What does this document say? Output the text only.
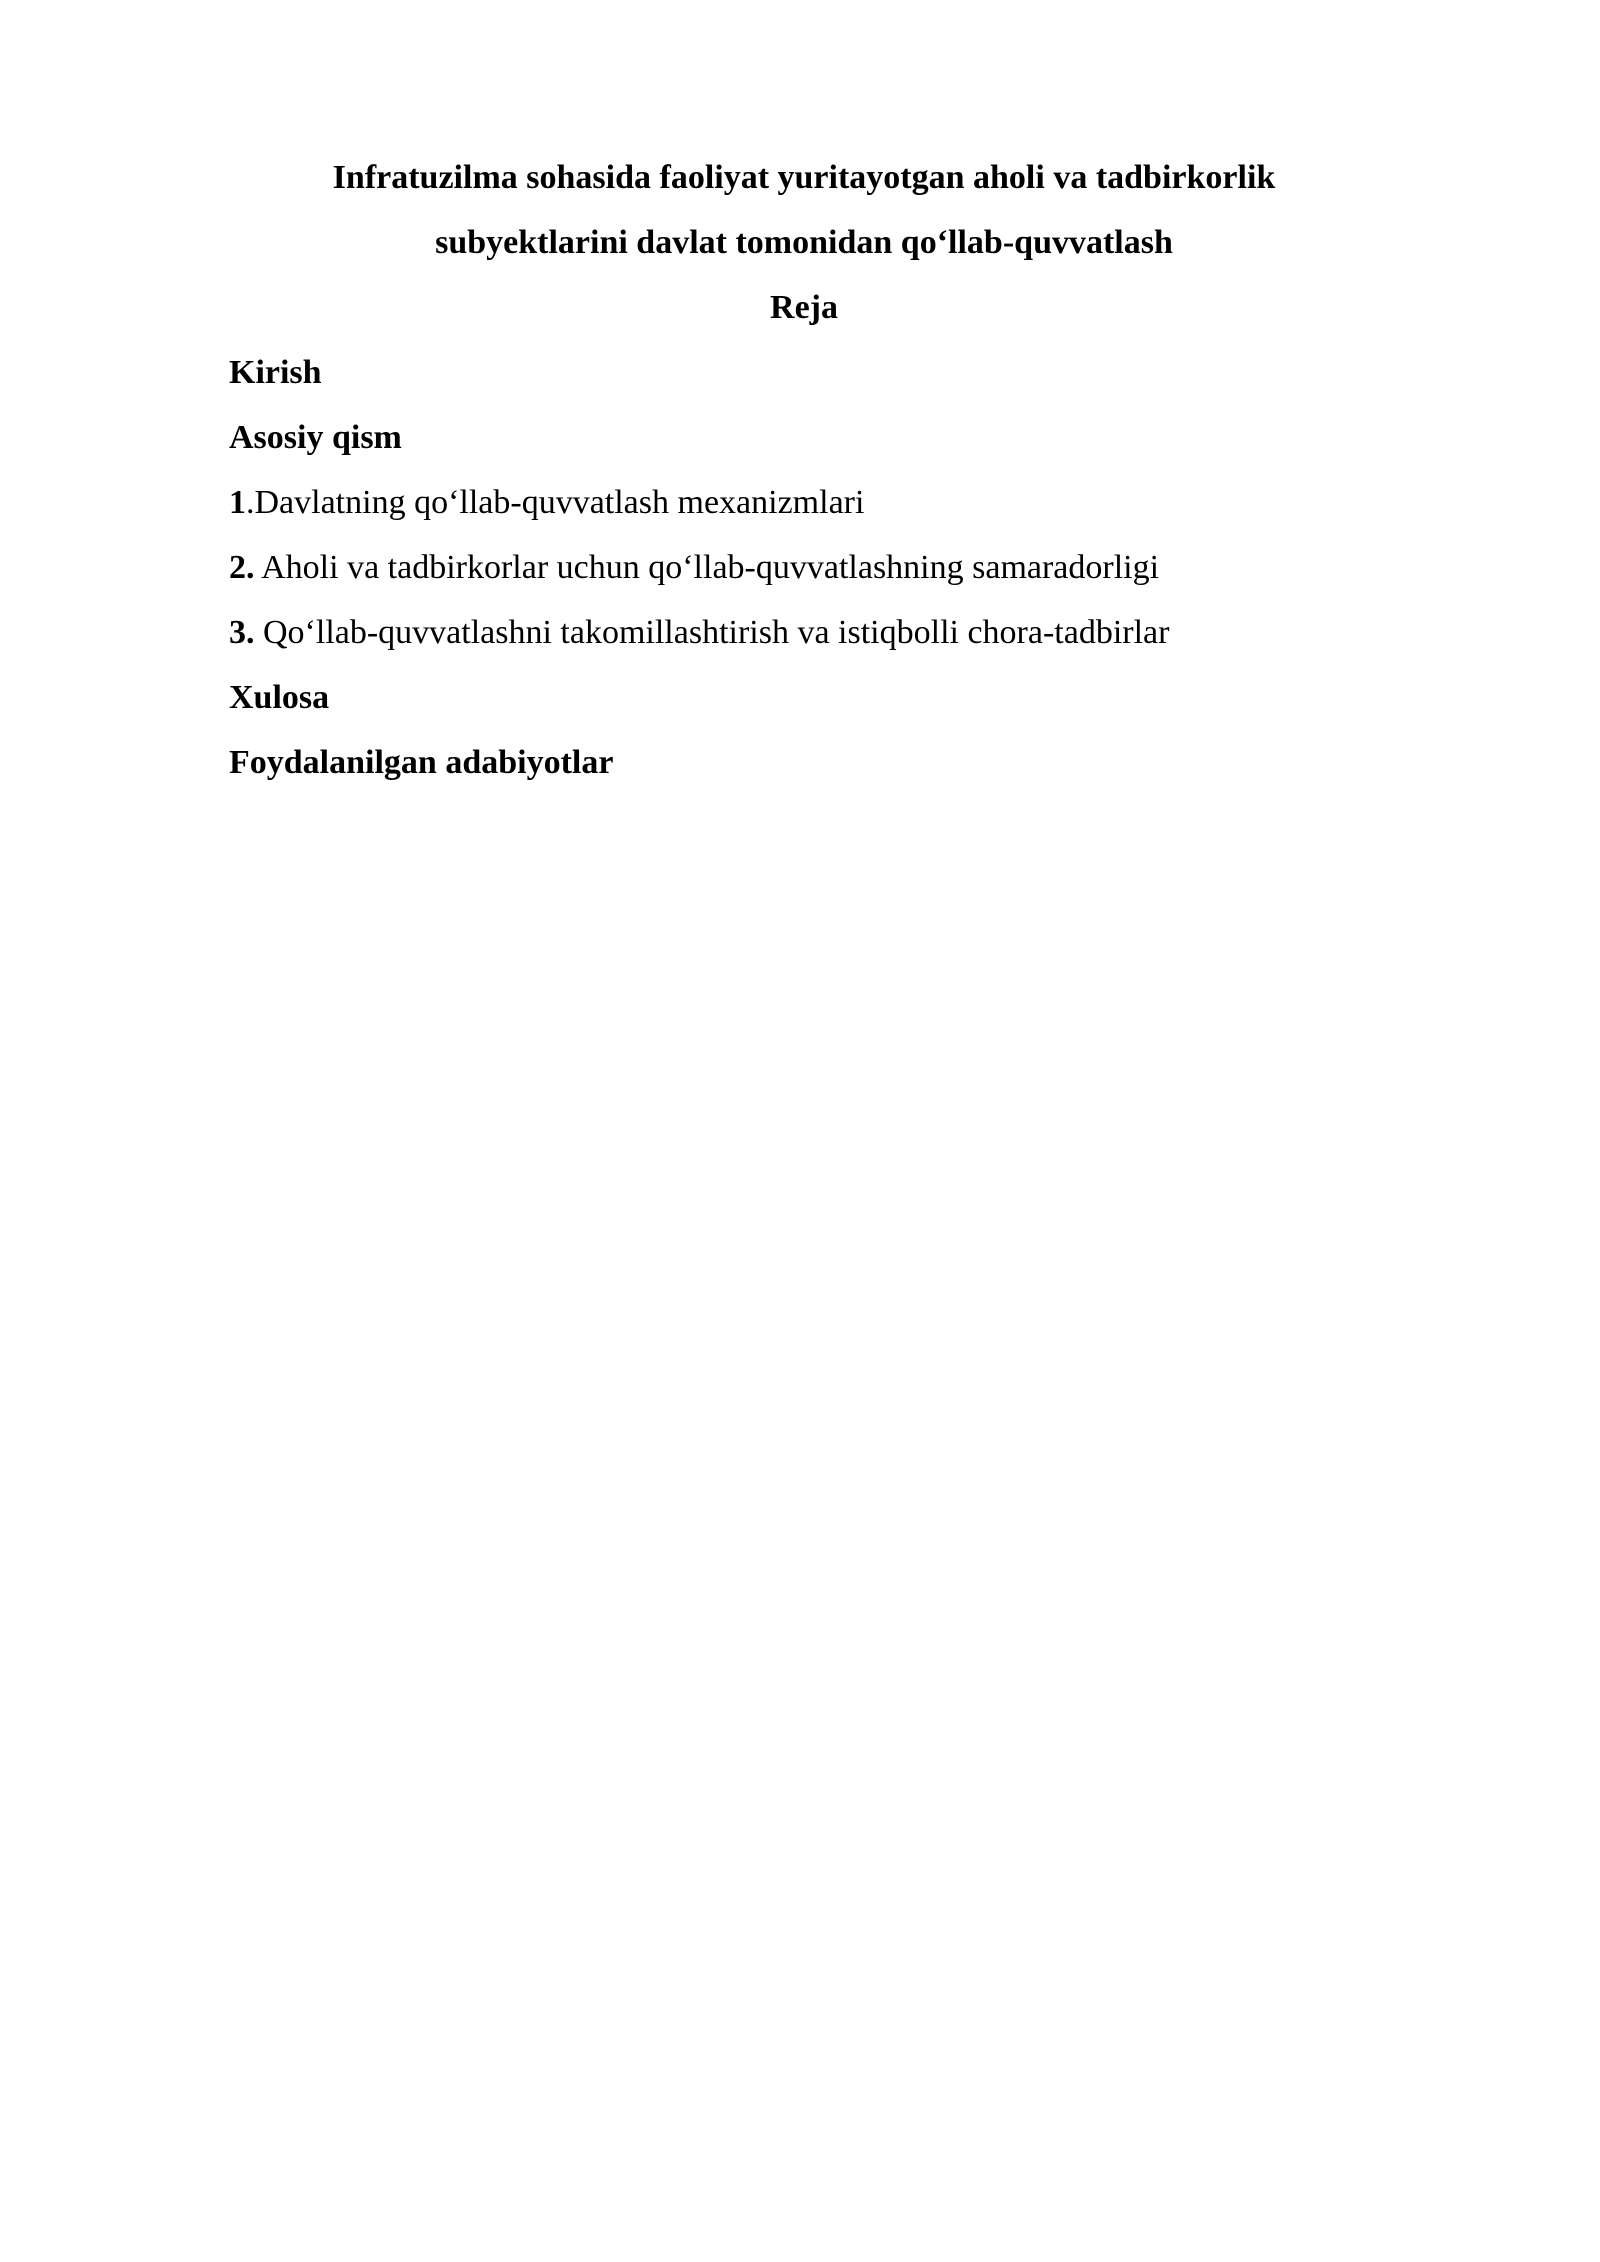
Infratuzilma sohasida faoliyat yuritayotgan aholi va tadbirkorlik
subyektlarini davlat tomonidan qo‘llab-quvvatlash
Reja
Kirish
Asosiy qism
1.Davlatning qo‘llab-quvvatlash mexanizmlari
2. Aholi va tadbirkorlar uchun qo‘llab-quvvatlashning samaradorligi
3. Qo‘llab-quvvatlashni takomillashtirish va istiqbolli chora-tadbirlar
Xulosa
Foydalanilgan adabiyotlar
